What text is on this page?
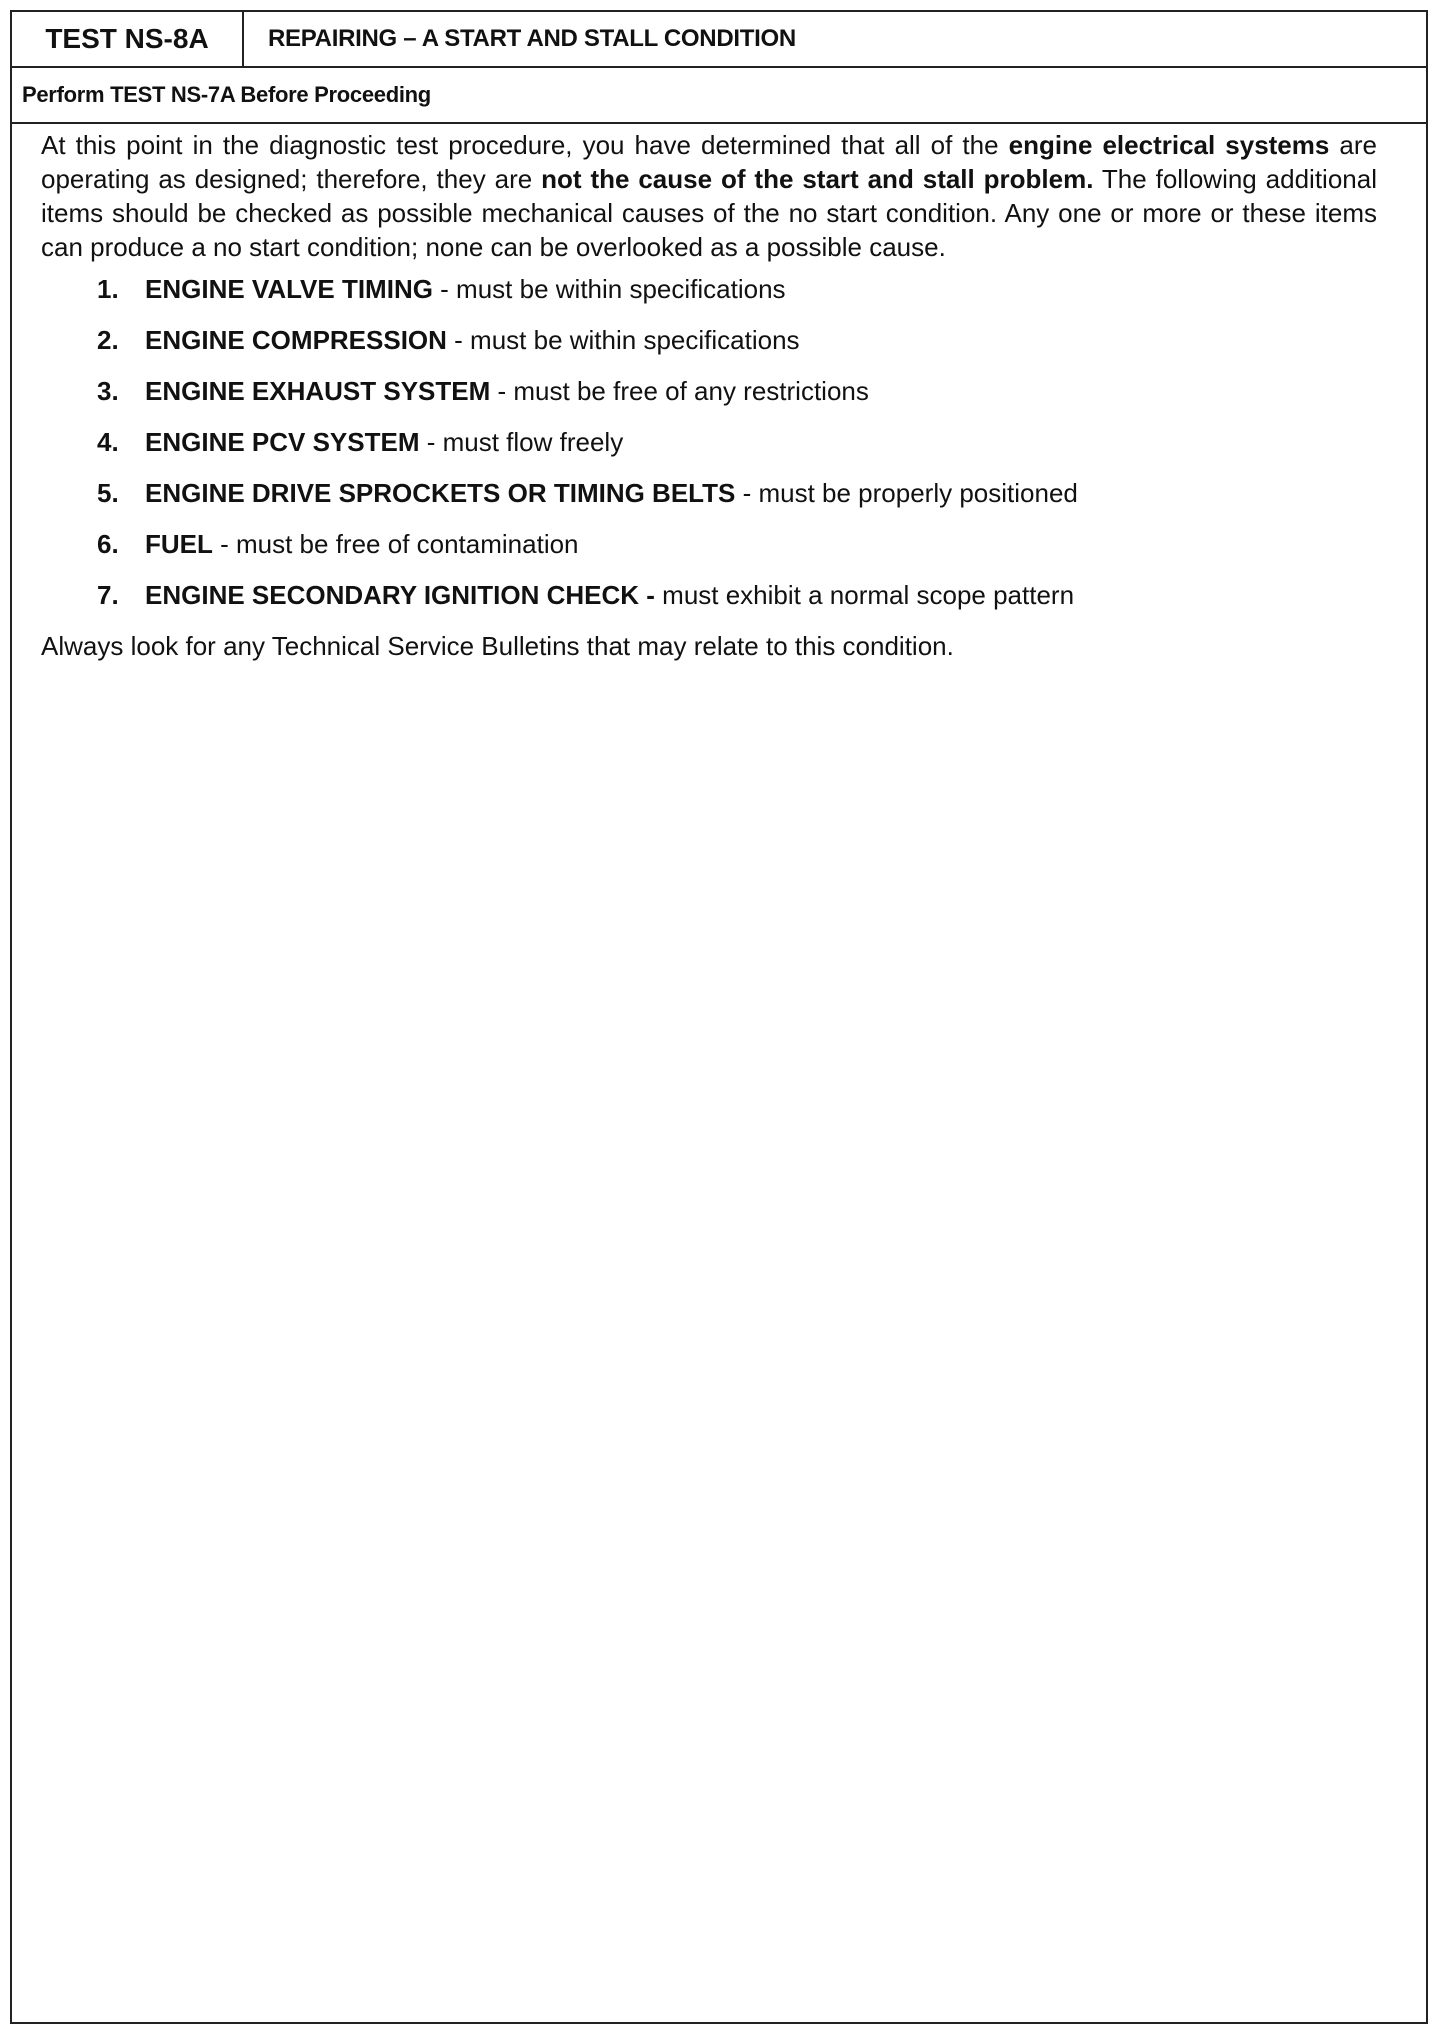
TEST NS-8A	REPAIRING – A START AND STALL CONDITION
Perform TEST NS-7A Before Proceeding

At this point in the diagnostic test procedure, you have determined that all of the engine electrical systems are operating as designed; therefore, they are not the cause of the start and stall problem. The following additional items should be checked as possible mechanical causes of the no start condition. Any one or more or these items can produce a no start condition; none can be overlooked as a possible cause.

1.	ENGINE VALVE TIMING - must be within specifications
2.	ENGINE COMPRESSION - must be within specifications
3.	ENGINE EXHAUST SYSTEM - must be free of any restrictions
4.	ENGINE PCV SYSTEM - must flow freely
5.	ENGINE DRIVE SPROCKETS OR TIMING BELTS - must be properly positioned
6.	FUEL - must be free of contamination
7.	ENGINE SECONDARY IGNITION CHECK - must exhibit a normal scope pattern

Always look for any Technical Service Bulletins that may relate to this condition.
